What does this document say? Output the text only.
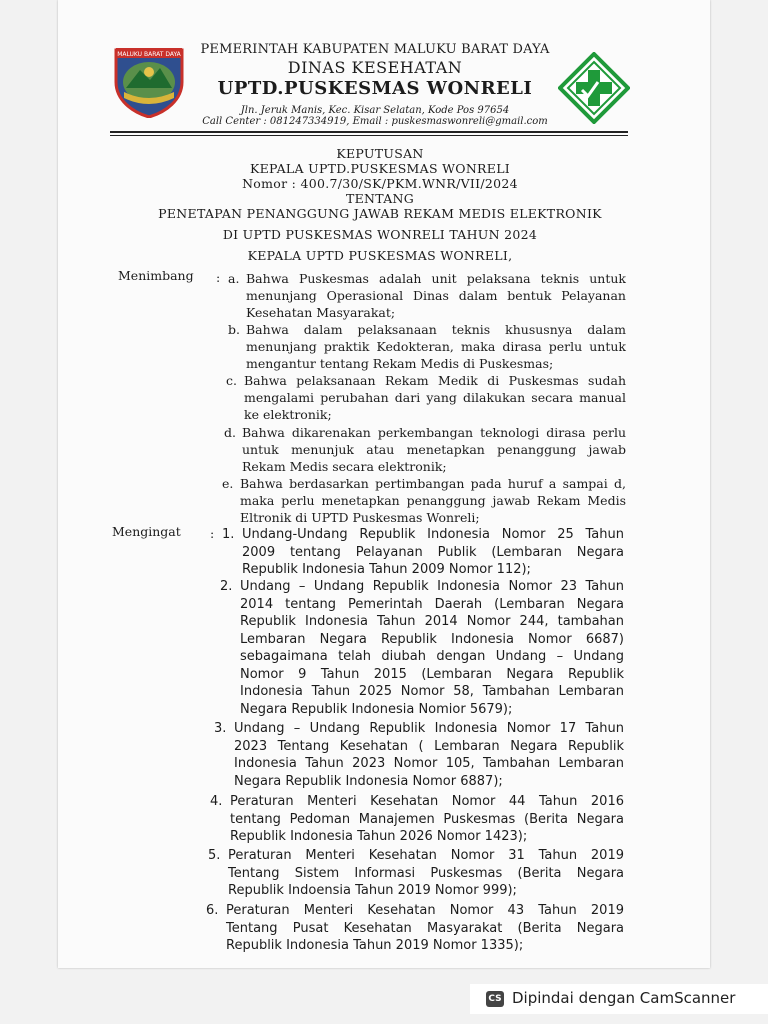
MALUKU BARAT DAYA	PEMERINTAH KABUPATEN MALUKU BARAT DAYA
DINAS KESEHATAN
UPTD.PUSKESMAS WONRELI
Jln. Jeruk Manis, Kec. Kisar Selatan, Kode Pos 97654
Call Center : 081247334919, Email : puskesmaswonreli@gmail.com
KEPUTUSAN
KEPALA UPTD.PUSKESMAS WONRELI
Nomor : 400.7/30/SK/PKM.WNR/VII/2024
TENTANG
PENETAPAN PENANGGUNG JAWAB REKAM MEDIS ELEKTRONIK
DI UPTD PUSKESMAS WONRELI TAHUN 2024
KEPALA UPTD PUSKESMAS WONRELI,
Menimbang :
Mengingat :
a. Bahwa Puskesmas adalah unit pelaksana teknis untuk
menunjang Operasional Dinas dalam bentuk Pelayanan
Kesehatan Masyarakat;
b. Bahwa dalam pelaksanaan teknis khususnya dalam
menunjang praktik Kedokteran, maka dirasa perlu untuk
mengantur tentang Rekam Medis di Puskesmas;
c. Bahwa pelaksanaan Rekam Medik di Puskesmas sudah
mengalami perubahan dari yang dilakukan secara manual
ke elektronik;
d. Bahwa dikarenakan perkembangan teknologi dirasa perlu
untuk menunjuk atau menetapkan penanggung jawab
Rekam Medis secara elektronik;
e. Bahwa berdasarkan pertimbangan pada huruf a sampai d,
maka perlu menetapkan penanggung jawab Rekam Medis
Eltronik di UPTD Puskesmas Wonreli;
1. Undang-Undang Republik Indonesia Nomor 25 Tahun
2009 tentang Pelayanan Publik (Lembaran Negara
Republik Indonesia Tahun 2009 Nomor 112);
2. Undang – Undang Republik Indonesia Nomor 23 Tahun
2014 tentang Pemerintah Daerah (Lembaran Negara
Republik Indonesia Tahun 2014 Nomor 244, tambahan
Lembaran Negara Republik Indonesia Nomor 6687)
sebagaimana telah diubah dengan Undang – Undang
Nomor 9 Tahun 2015 (Lembaran Negara Republik
Indonesia Tahun 2025 Nomor 58, Tambahan Lembaran
Negara Republik Indonesia Nomior 5679);
3. Undang – Undang Republik Indonesia Nomor 17 Tahun
2023 Tentang Kesehatan ( Lembaran Negara Republik
Indonesia Tahun 2023 Nomor 105, Tambahan Lembaran
Negara Republik Indonesia Nomor 6887);
4. Peraturan Menteri Kesehatan Nomor 44 Tahun 2016
tentang Pedoman Manajemen Puskesmas (Berita Negara
Republik Indonesia Tahun 2026 Nomor 1423);
5. Peraturan Menteri Kesehatan Nomor 31 Tahun 2019
Tentang Sistem Informasi Puskesmas (Berita Negara
Republik Indoensia Tahun 2019 Nomor 999);
6. Peraturan Menteri Kesehatan Nomor 43 Tahun 2019
Tentang Pusat Kesehatan Masyarakat (Berita Negara
Republik Indonesia Tahun 2019 Nomor 1335);
CS Dipindai dengan CamScanner
